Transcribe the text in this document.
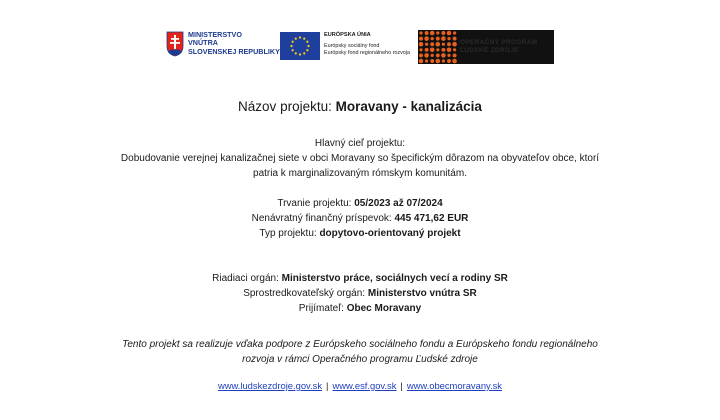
MINISTERSTVO
VNÚTRA
SLOVENSKEJ REPUBLIKY
EURÓPSKA ÚNIA
Európsky sociálny fond
Európsky fond regionálneho rozvoja
OPERAČNÝ PROGRAM
ĽUDSKÉ ZDROJE
Názov projektu: Moravany - kanalizácia
Hlavný cieľ projektu:
Dobudovanie verejnej kanalizačnej siete v obci Moravany so špecifickým dôrazom na obyvateľov obce, ktorí
patria k marginalizovaným rómskym komunitám.
Trvanie projektu: 05/2023 až 07/2024
Nenávratný finančný príspevok: 445 471,62 EUR
Typ projektu: dopytovo-orientovaný projekt
Riadiaci orgán: Ministerstvo práce, sociálnych vecí a rodiny SR
Sprostredkovateľský orgán: Ministerstvo vnútra SR
Prijímateľ: Obec Moravany
Tento projekt sa realizuje vďaka podpore z Európskeho sociálneho fondu a Európskeho fondu regionálneho
rozvoja v rámci Operačného programu Ľudské zdroje
www.ludskezdroje.gov.sk | www.esf.gov.sk | www.obecmoravany.sk
